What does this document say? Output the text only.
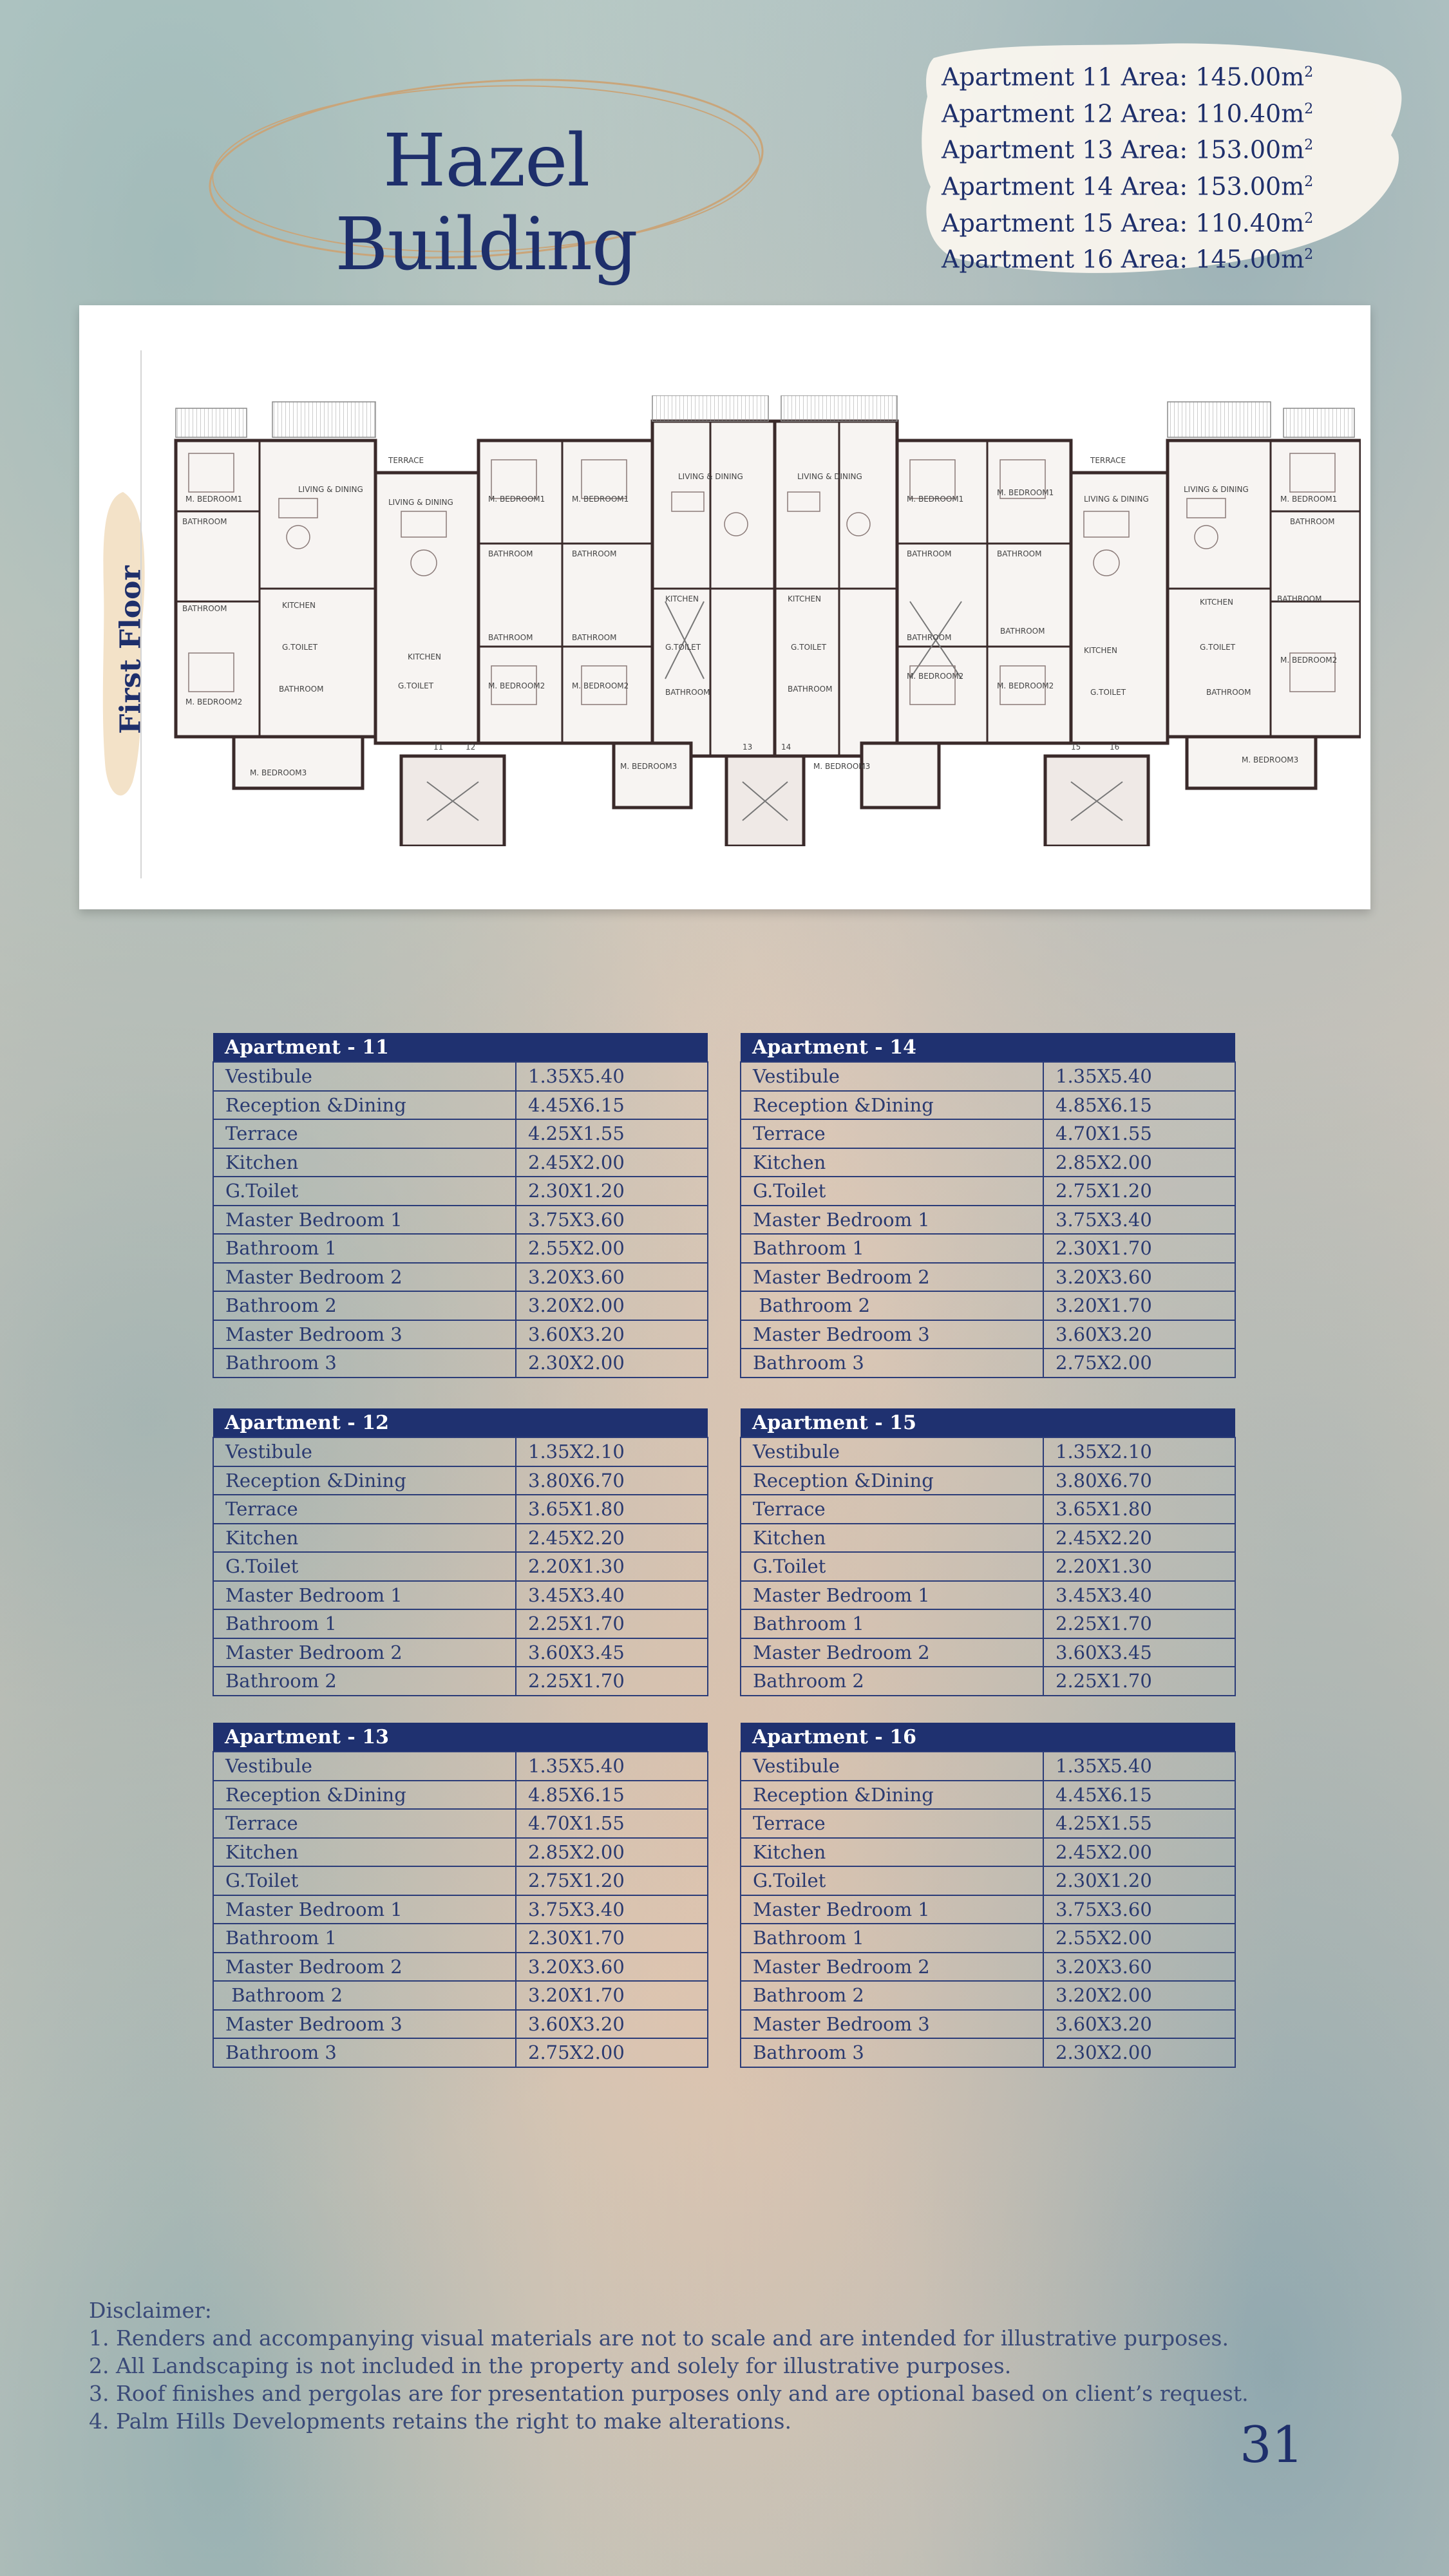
Hazel Building
Apartment 11 Area: $145.00m^2$
Apartment 12 Area: $110.40m^2$
Apartment 13 Area: $153.00m^2$
Apartment 14 Area: $153.00m^2$
Apartment 15 Area: $110.40m^2$
Apartment 16 Area: $145.00m^2$
First Floor
TERRACE	TERRACE
LIVING & DINING
LIVING & DINING
LIVING & DINING	LIVING & DINING
LIVING & DINING
LIVING & DINING
M. BEDROOM1	M. BEDROOM1	M. BEDROOM1	M. BEDROOM1
M. BEDROOM1
M. BEDROOM1
M. BEDROOM2
M. BEDROOM2	M. BEDROOM2
M. BEDROOM2
M. BEDROOM2
M. BEDROOM2
M. BEDROOM3
M. BEDROOM3	M. BEDROOM3
M. BEDROOM3
KITCHEN
KITCHEN
KITCHEN	KITCHEN
KITCHEN
KITCHEN
BATHROOM
BATHROOM
BATHROOM
BATHROOM	BATHROOM
BATHROOM	BATHROOM
BATHROOM	BATHROOM
BATHROOM	BATHROOM
BATHROOM
BATHROOM
BATHROOM
BATHROOM
BATHROOM
G.TOILET
G.TOILET
G.TOILET	G.TOILET
G.TOILET
G.TOILET
11	12	13	14	15	16
Apartment - 11	
Vestibule	1.35X5.40
Reception &Dining	4.45X6.15
Terrace	4.25X1.55
Kitchen	2.45X2.00
G.Toilet	2.30X1.20
Master Bedroom 1	3.75X3.60
Bathroom 1	2.55X2.00
Master Bedroom 2	3.20X3.60
Bathroom 2	3.20X2.00
Master Bedroom 3	3.60X3.20
Bathroom 3	2.30X2.00
Apartment - 14	
Vestibule	1.35X5.40
Reception &Dining	4.85X6.15
Terrace	4.70X1.55
Kitchen	2.85X2.00
G.Toilet	2.75X1.20
Master Bedroom 1	3.75X3.40
Bathroom 1	2.30X1.70
Master Bedroom 2	3.20X3.60
Bathroom 2	3.20X1.70
Master Bedroom 3	3.60X3.20
Bathroom 3	2.75X2.00
Apartment - 12	
Vestibule	1.35X2.10
Reception &Dining	3.80X6.70
Terrace	3.65X1.80
Kitchen	2.45X2.20
G.Toilet	2.20X1.30
Master Bedroom 1	3.45X3.40
Bathroom 1	2.25X1.70
Master Bedroom 2	3.60X3.45
Bathroom 2	2.25X1.70
Apartment - 15	
Vestibule	1.35X2.10
Reception &Dining	3.80X6.70
Terrace	3.65X1.80
Kitchen	2.45X2.20
G.Toilet	2.20X1.30
Master Bedroom 1	3.45X3.40
Bathroom 1	2.25X1.70
Master Bedroom 2	3.60X3.45
Bathroom 2	2.25X1.70
Apartment - 13	
Vestibule	1.35X5.40
Reception &Dining	4.85X6.15
Terrace	4.70X1.55
Kitchen	2.85X2.00
G.Toilet	2.75X1.20
Master Bedroom 1	3.75X3.40
Bathroom 1	2.30X1.70
Master Bedroom 2	3.20X3.60
Bathroom 2	3.20X1.70
Master Bedroom 3	3.60X3.20
Bathroom 3	2.75X2.00
Apartment - 16	
Vestibule	1.35X5.40
Reception &Dining	4.45X6.15
Terrace	4.25X1.55
Kitchen	2.45X2.00
G.Toilet	2.30X1.20
Master Bedroom 1	3.75X3.60
Bathroom 1	2.55X2.00
Master Bedroom 2	3.20X3.60
Bathroom 2	3.20X2.00
Master Bedroom 3	3.60X3.20
Bathroom 3	2.30X2.00
Disclaimer:
1. Renders and accompanying visual materials are not to scale and are intended for illustrative purposes.
2. All Landscaping is not included in the property and solely for illustrative purposes.
3. Roof finishes and pergolas are for presentation purposes only and are optional based on client’s request.
4. Palm Hills Developments retains the right to make alterations.	31
